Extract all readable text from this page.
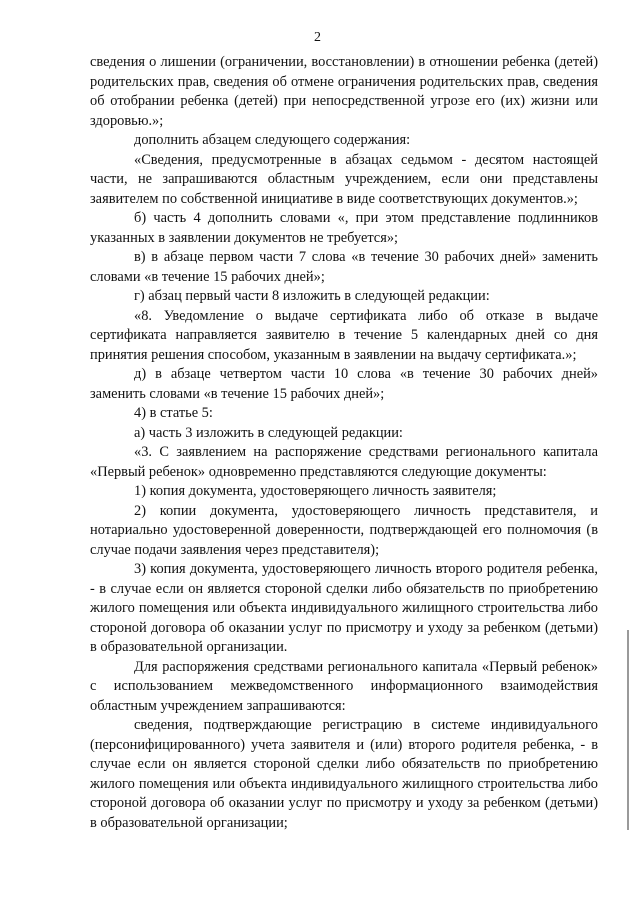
2

сведения о лишении (ограничении, восстановлении) в отношении ребенка (детей) родительских прав, сведения об отмене ограничения родительских прав, сведения об отобрании ребенка (детей) при непосредственной угрозе его (их) жизни или здоровью.»;

дополнить абзацем следующего содержания:

«Сведения, предусмотренные в абзацах седьмом - десятом настоящей части, не запрашиваются областным учреждением, если они представлены заявителем по собственной инициативе в виде соответствующих документов.»;

б) часть 4 дополнить словами «, при этом представление подлинников указанных в заявлении документов не требуется»;

в) в абзаце первом части 7 слова «в течение 30 рабочих дней» заменить словами «в течение 15 рабочих дней»;

г) абзац первый части 8 изложить в следующей редакции:

«8. Уведомление о выдаче сертификата либо об отказе в выдаче сертификата направляется заявителю в течение 5 календарных дней со дня принятия решения способом, указанным в заявлении на выдачу сертификата.»;

д) в абзаце четвертом части 10 слова «в течение 30 рабочих дней» заменить словами «в течение 15 рабочих дней»;

4) в статье 5:

а) часть 3 изложить в следующей редакции:

«3. С заявлением на распоряжение средствами регионального капитала «Первый ребенок» одновременно представляются следующие документы:

1) копия документа, удостоверяющего личность заявителя;

2) копии документа, удостоверяющего личность представителя, и нотариально удостоверенной доверенности, подтверждающей его полномочия (в случае подачи заявления через представителя);

3) копия документа, удостоверяющего личность второго родителя ребенка, - в случае если он является стороной сделки либо обязательств по приобретению жилого помещения или объекта индивидуального жилищного строительства либо стороной договора об оказании услуг по присмотру и уходу за ребенком (детьми) в образовательной организации.

Для распоряжения средствами регионального капитала «Первый ребенок» с использованием межведомственного информационного взаимодействия областным учреждением запрашиваются:

сведения, подтверждающие регистрацию в системе индивидуального (персонифицированного) учета заявителя и (или) второго родителя ребенка, - в случае если он является стороной сделки либо обязательств по приобретению жилого помещения или объекта индивидуального жилищного строительства либо стороной договора об оказании услуг по присмотру и уходу за ребенком (детьми) в образовательной организации;
